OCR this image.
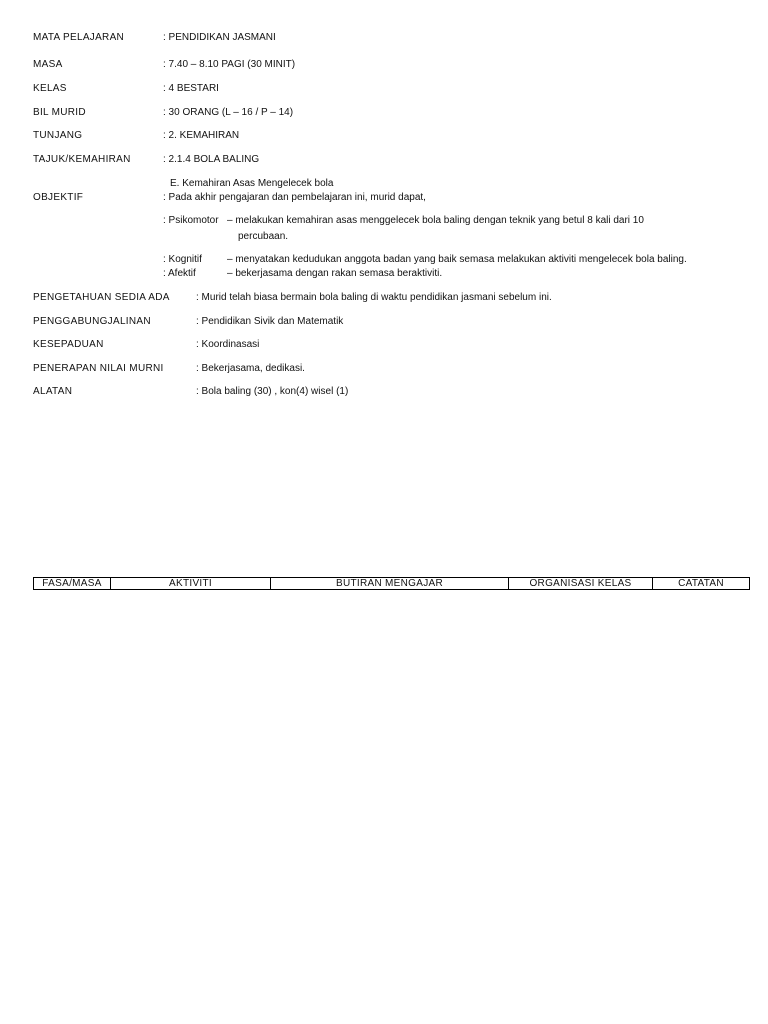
MATA PELAJARAN	: PENDIDIKAN JASMANI
MASA	: 7.40 – 8.10 PAGI (30 MINIT)
KELAS	: 4 BESTARI
BIL MURID	: 30 ORANG (L – 16 / P – 14)
TUNJANG	: 2. KEMAHIRAN
TAJUK/KEMAHIRAN	: 2.1.4 BOLA BALING
E. Kemahiran Asas Mengelecek bola
OBJEKTIF	: Pada akhir pengajaran dan pembelajaran ini, murid dapat,
: Psikomotor – melakukan kemahiran asas menggelecek bola baling dengan teknik yang betul 8 kali dari 10
percubaan.
: Kognitif	– menyatakan kedudukan anggota badan yang baik semasa melakukan aktiviti mengelecek bola baling.
: Afektif	– bekerjasama dengan rakan semasa beraktiviti.
PENGETAHUAN SEDIA ADA	: Murid telah biasa bermain bola baling di waktu pendidikan jasmani sebelum ini.
PENGGABUNGJALINAN	: Pendidikan Sivik dan Matematik
KESEPADUAN	: Koordinasasi
PENERAPAN NILAI MURNI	: Bekerjasama, dedikasi.
ALATAN	: Bola baling (30) , kon(4) wisel (1)
FASA/MASA	AKTIVITI	BUTIRAN MENGAJAR	ORGANISASI KELAS	CATATAN
